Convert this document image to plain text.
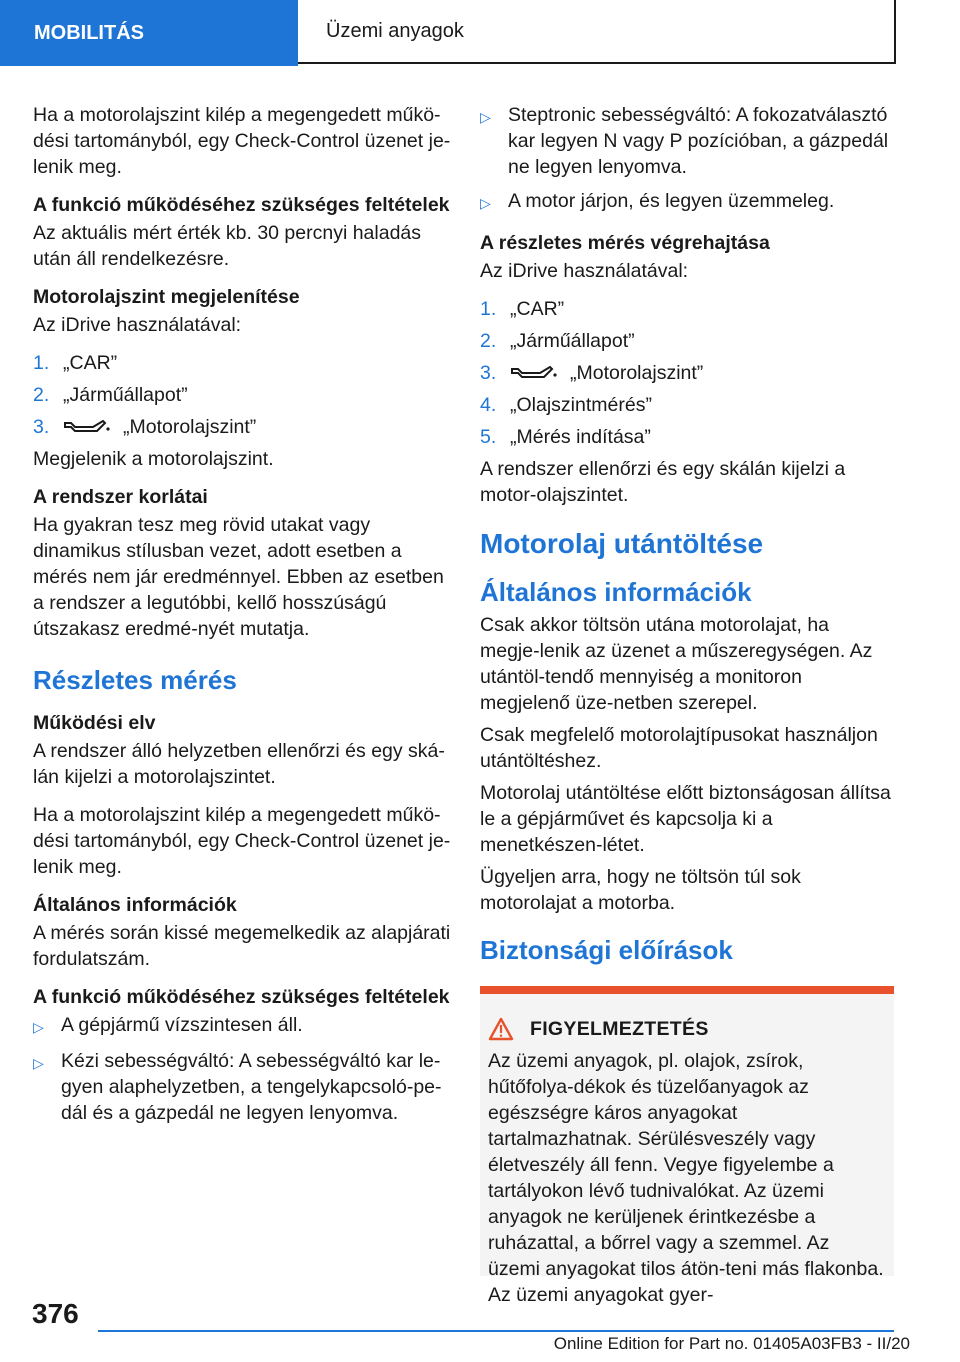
MOBILITÁS	Üzemi anyagok

Ha a motorolajszint kilép a megengedett műkö-dési tartományból, egy Check-Control üzenet je-lenik meg.

A funkció működéséhez szükséges feltételek

Az aktuális mért érték kb. 30 percnyi haladás után áll rendelkezésre.

Motorolajszint megjelenítése

Az iDrive használatával:

1. „CAR”
2. „Járműállapot”
3.	„Motorolajszint”

Megjelenik a motorolajszint.

A rendszer korlátai

Ha gyakran tesz meg rövid utakat vagy dinamikus stílusban vezet, adott esetben a mérés nem jár eredménnyel. Ebben az esetben a rendszer a legutóbbi, kellő hosszúságú útszakasz eredmé-nyét mutatja.

Részletes mérés
Működési elv

A rendszer álló helyzetben ellenőrzi és egy ská-lán kijelzi a motorolajszintet.

Ha a motorolajszint kilép a megengedett műkö-dési tartományból, egy Check-Control üzenet je-lenik meg.

Általános információk

A mérés során kissé megemelkedik az alapjárati fordulatszám.

A funkció működéséhez szükséges feltételek
▷ A gépjármű vízszintesen áll.
▷ Kézi sebességváltó: A sebességváltó kar le-gyen alaphelyzetben, a tengelykapcsoló-pe-dál és a gázpedál ne legyen lenyomva.
▷ Steptronic sebességváltó: A fokozatválasztó kar legyen N vagy P pozícióban, a gázpedál ne legyen lenyomva.
▷ A motor járjon, és legyen üzemmeleg.
A részletes mérés végrehajtása

Az iDrive használatával:

1. „CAR”
2. „Járműállapot”
3.	„Motorolajszint”
4. „Olajszintmérés”
5. „Mérés indítása”

A rendszer ellenőrzi és egy skálán kijelzi a motor-olajszintet.

Motorolaj utántöltése
Általános információk

Csak akkor töltsön utána motorolajat, ha megje-lenik az üzenet a műszeregységen. Az utántöl-tendő mennyiség a monitoron megjelenő üze-netben szerepel.

Csak megfelelő motorolajtípusokat használjon utántöltéshez.

Motorolaj utántöltése előtt biztonságosan állítsa le a gépjárművet és kapcsolja ki a menetkészen-létet.

Ügyeljen arra, hogy ne töltsön túl sok motorolajat a motorba.

Biztonsági előírások
FIGYELMEZTETÉS
Az üzemi anyagok, pl. olajok, zsírok, hűtőfolya-dékok és tüzelőanyagok az egészségre káros anyagokat tartalmazhatnak. Sérülésveszély vagy életveszély áll fenn. Vegye figyelembe a tartályokon lévő tudnivalókat. Az üzemi anyagok ne kerüljenek érintkezésbe a ruházattal, a bőrrel vagy a szemmel. Az üzemi anyagokat tilos átön-teni más flakonba. Az üzemi anyagokat gyer-
376
Online Edition for Part no. 01405A03FB3 - II/20
